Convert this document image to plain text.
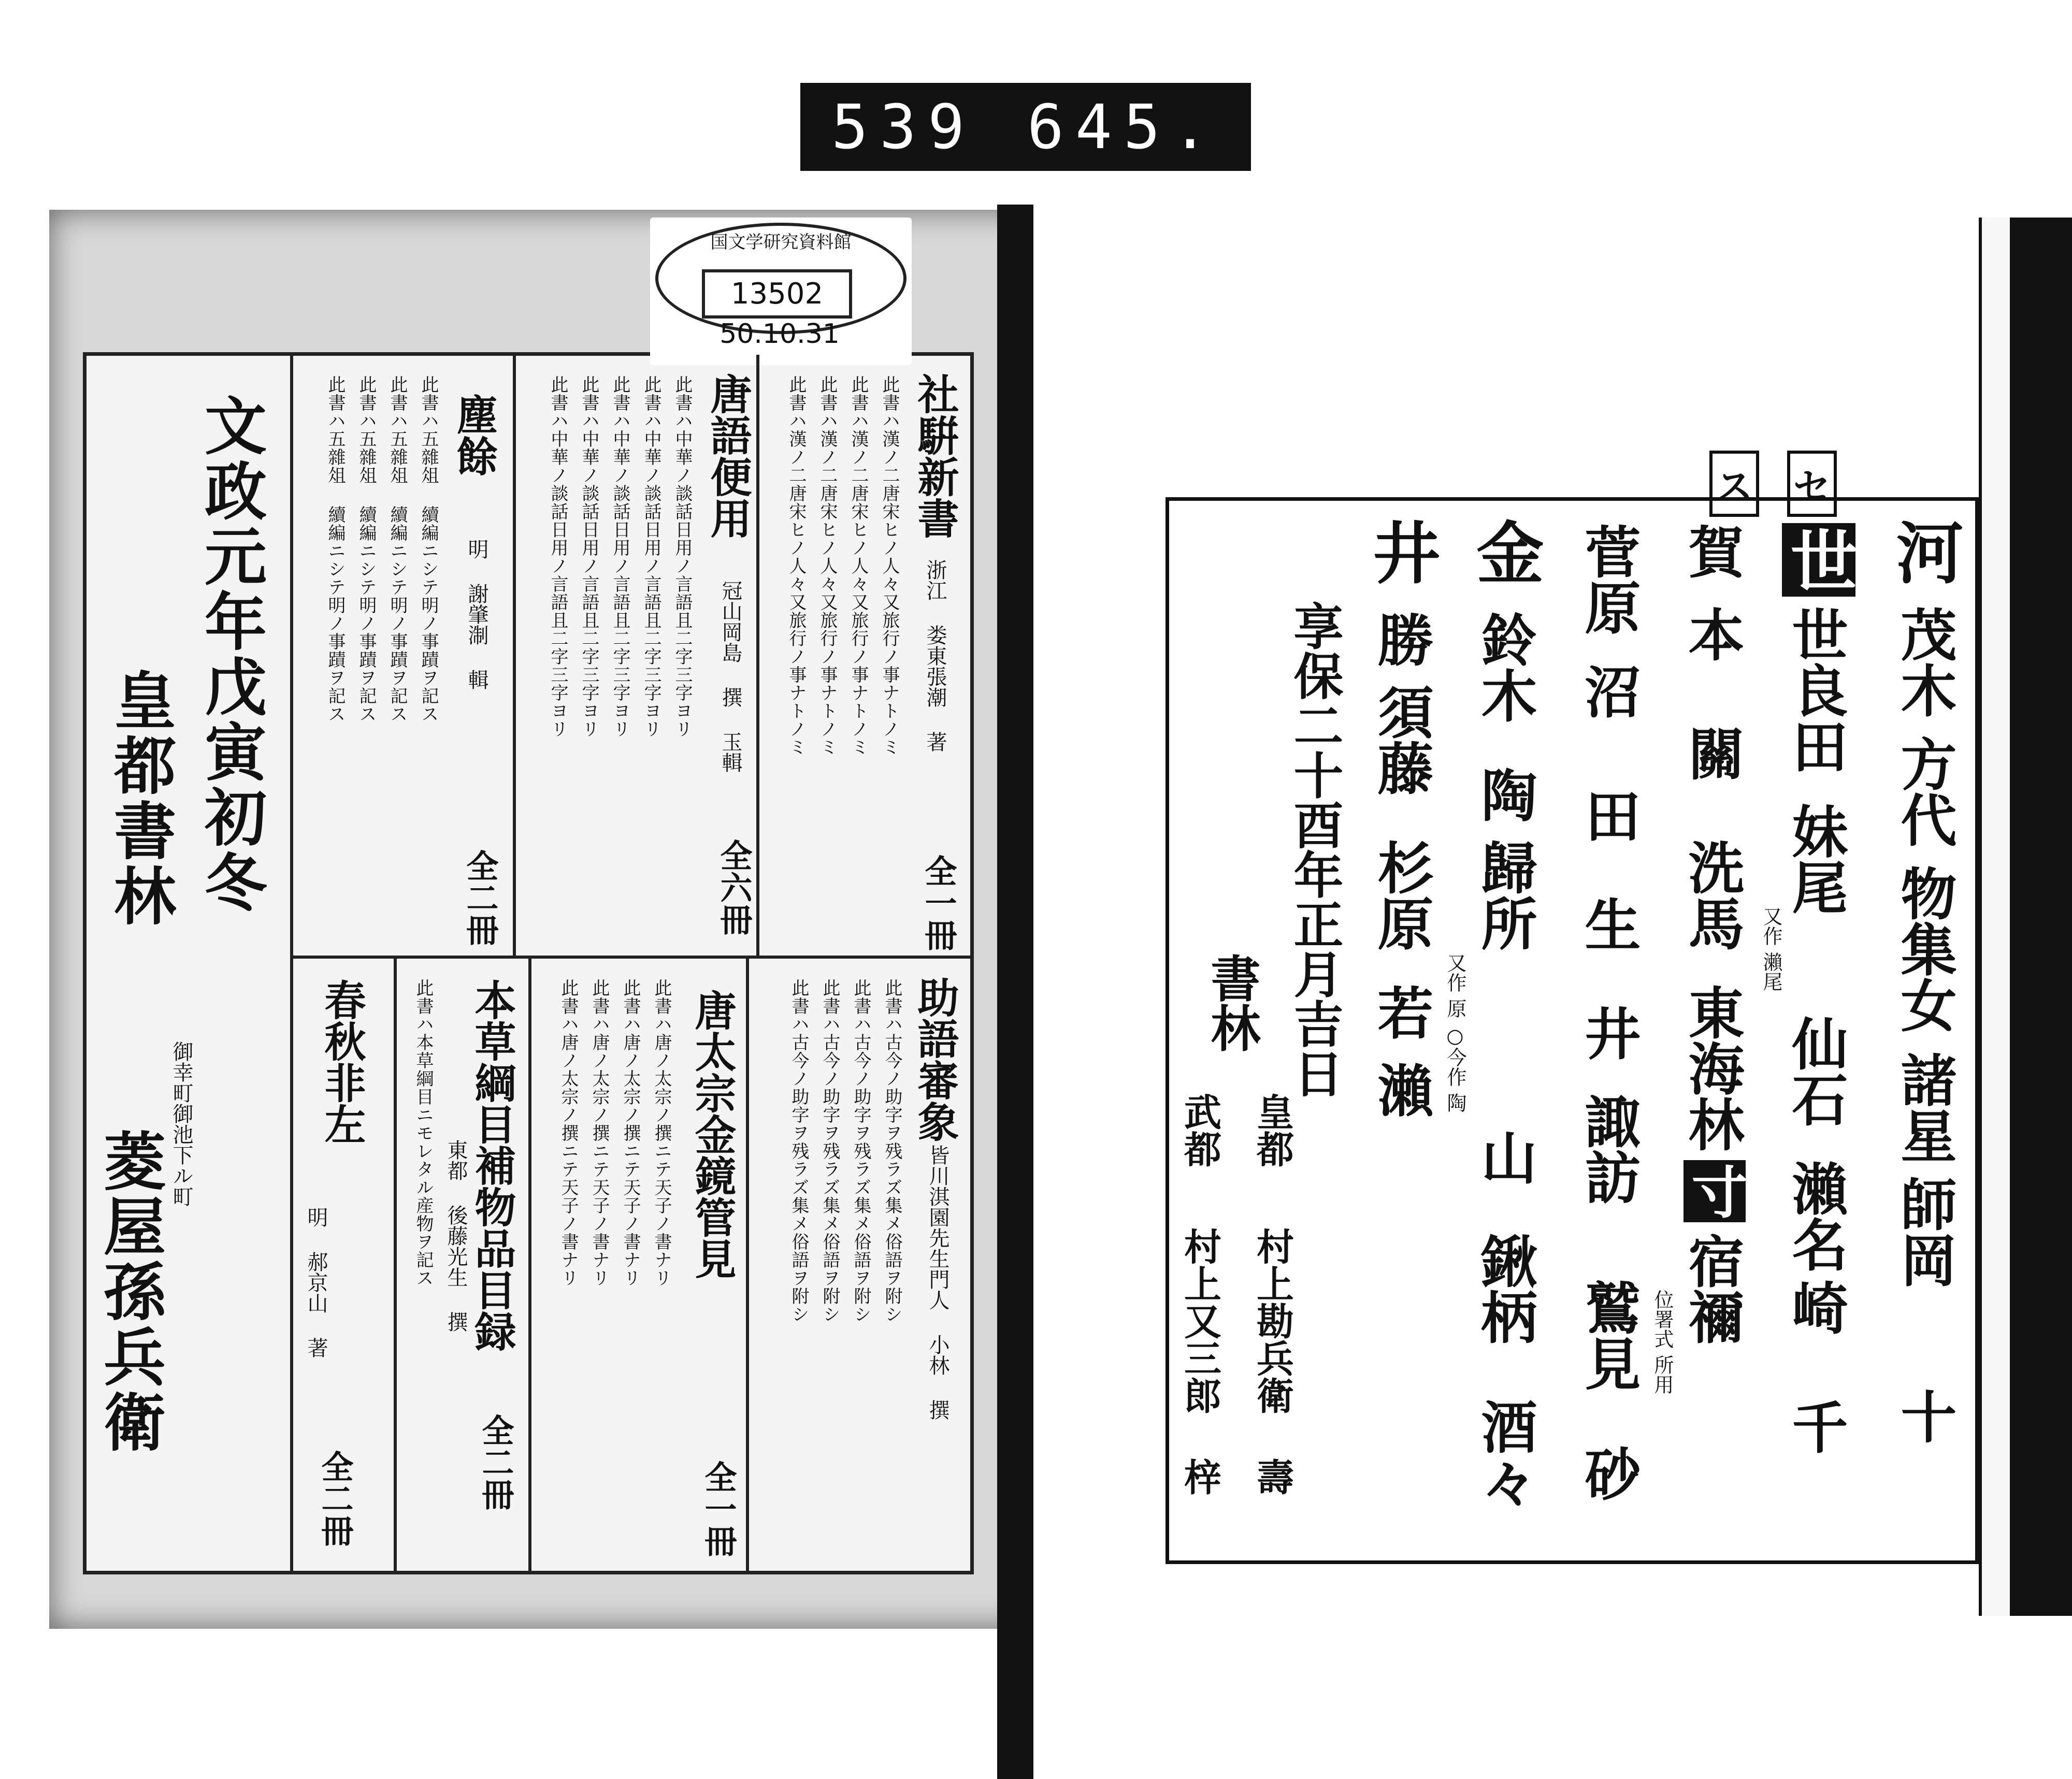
539 645.
国文学研究資料館
13502
50.10.31
文政元年戊寅初冬
皇都書林
御幸町御池下ル町
菱屋孫兵衛
社騈新書
浙江 娄東張潮 著
全一冊
此書ハ漢ノ二唐宋ヒノ人々又旅行ノ事ナトノミ
此書ハ漢ノ二唐宋ヒノ人々又旅行ノ事ナトノミ
此書ハ漢ノ二唐宋ヒノ人々又旅行ノ事ナトノミ
此書ハ漢ノ二唐宋ヒノ人々又旅行ノ事ナトノミ
唐語便用
冠山岡島 撰 玉輯
全六冊
此書ハ中華ノ談話日用ノ言語且二字三字ヨリ
此書ハ中華ノ談話日用ノ言語且二字三字ヨリ
此書ハ中華ノ談話日用ノ言語且二字三字ヨリ
此書ハ中華ノ談話日用ノ言語且二字三字ヨリ
此書ハ中華ノ談話日用ノ言語且二字三字ヨリ
塵餘
明 謝肇淛 輯
全二冊
此書ハ五雜俎 續編ニシテ明ノ事蹟ヲ記ス
此書ハ五雜俎 續編ニシテ明ノ事蹟ヲ記ス
此書ハ五雜俎 續編ニシテ明ノ事蹟ヲ記ス
此書ハ五雜俎 續編ニシテ明ノ事蹟ヲ記ス
助語審象
皆川淇園先生門人 小林 撰
此書ハ古今ノ助字ヲ残ラズ集メ俗語ヲ附シ
此書ハ古今ノ助字ヲ残ラズ集メ俗語ヲ附シ
此書ハ古今ノ助字ヲ残ラズ集メ俗語ヲ附シ
此書ハ古今ノ助字ヲ残ラズ集メ俗語ヲ附シ
唐太宗金鏡管見
全一冊
此書ハ唐ノ太宗ノ撰ニテ天子ノ書ナリ
此書ハ唐ノ太宗ノ撰ニテ天子ノ書ナリ
此書ハ唐ノ太宗ノ撰ニテ天子ノ書ナリ
此書ハ唐ノ太宗ノ撰ニテ天子ノ書ナリ
本草綱目補物品目録
東都 後藤光生 撰
全二冊
此書ハ本草綱目ニモレタル産物ヲ記ス
春秋非左
明 郝京山 著
全二冊
セ
ス
河
茂木
方代
物集女
諸星
師岡
十
世
世良田
妹尾
又作 瀨尾
仙石
瀨名
崎
千
賀
本
關
洗馬
東海林
寸
宿禰
位署式 所用
菅原
沼
田
生
井
諏訪
鷲見
砂
金
鈴木
陶
歸所
又作 原 ○今作 陶
山
鍬柄
酒々
井
勝
須藤
杉原
若
瀨
享保二十酉年正月吉日
書林
皇都
村上勘兵衛 壽
武都
村上又三郎 梓
